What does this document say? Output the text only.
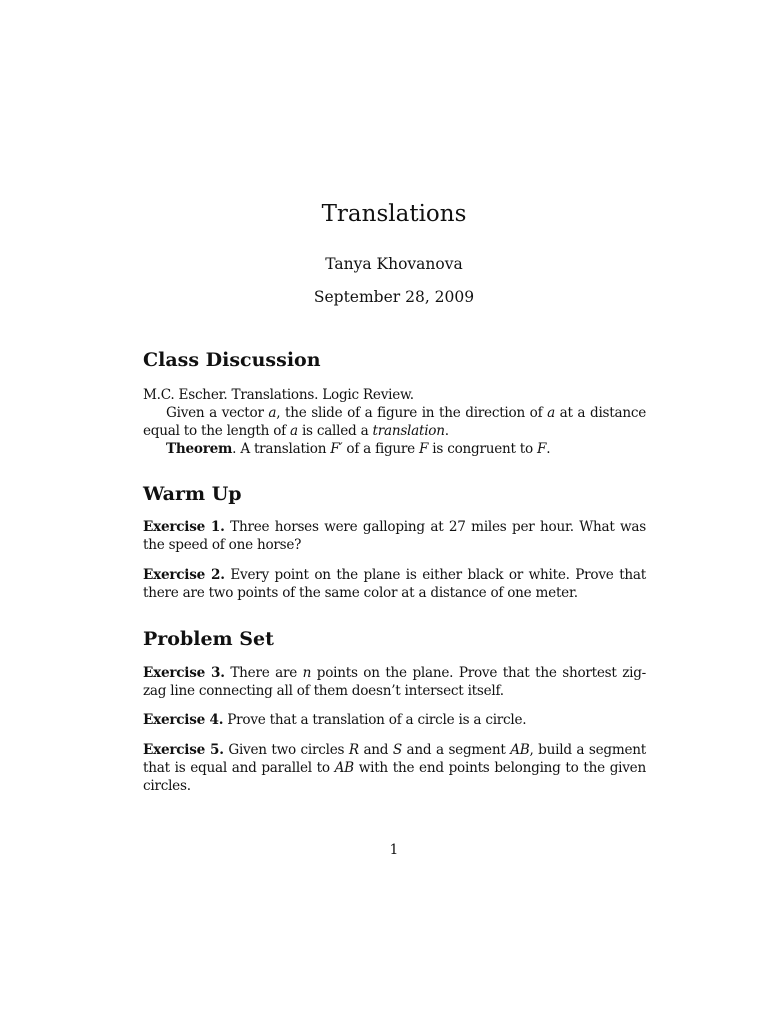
Translations
Tanya Khovanova
September 28, 2009
Class Discussion

M.C. Escher. Translations. Logic Review.

Given a vector a, the slide of a figure in the direction of a at a distance equal to the length of a is called a translation.

Theorem. A translation F′ of a figure F is congruent to F.

Warm Up

Exercise 1. Three horses were galloping at 27 miles per hour. What was the speed of one horse?

Exercise 2. Every point on the plane is either black or white. Prove that there are two points of the same color at a distance of one meter.

Problem Set

Exercise 3. There are n points on the plane. Prove that the shortest zig-zag line connecting all of them doesn’t intersect itself.

Exercise 4. Prove that a translation of a circle is a circle.

Exercise 5. Given two circles R and S and a segment AB, build a segment that is equal and parallel to AB with the end points belonging to the given circles.

1
